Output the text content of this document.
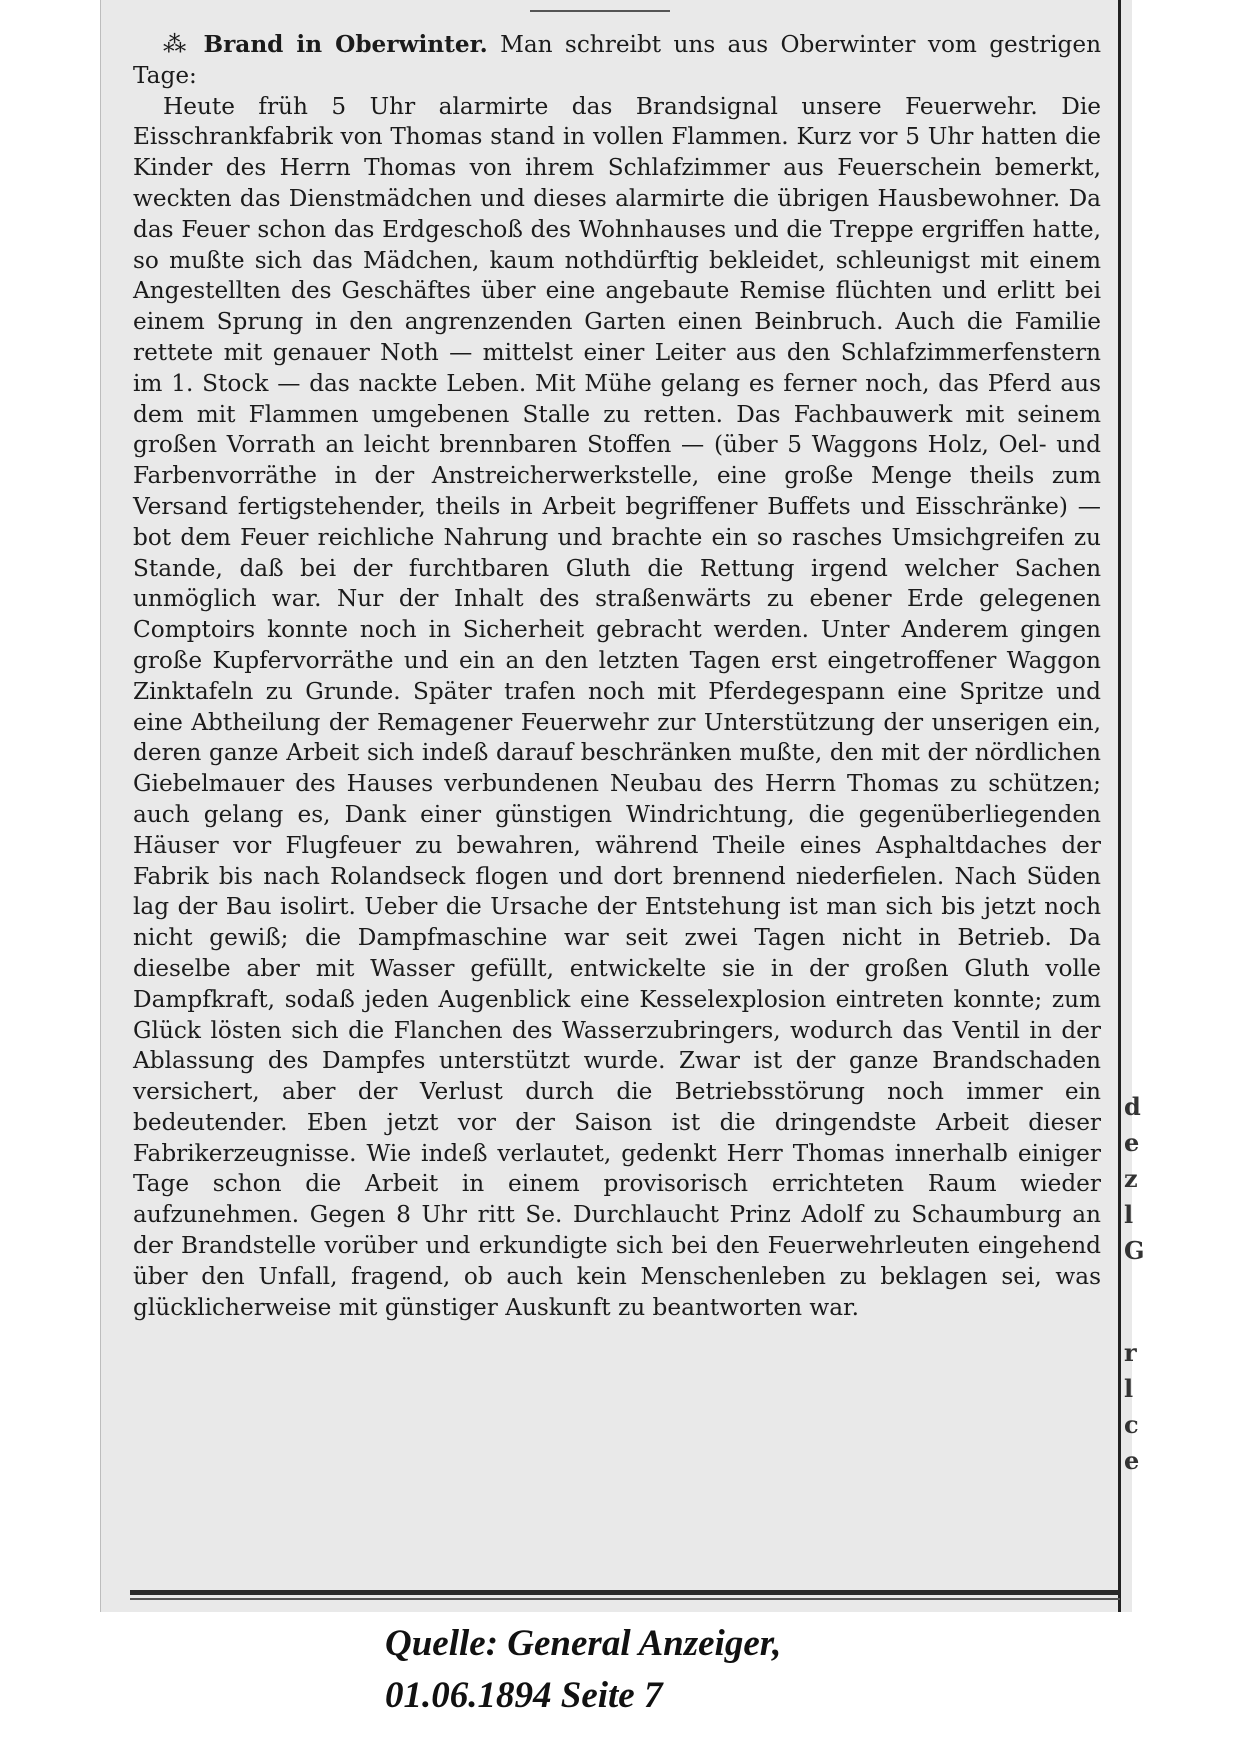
⁂ Brand in Oberwinter. Man schreibt uns aus Oberwinter vom gestrigen Tage:

Heute früh 5 Uhr alarmirte das Brandsignal unsere Feuerwehr. Die Eisschrankfabrik von Thomas stand in vollen Flammen. Kurz vor 5 Uhr hatten die Kinder des Herrn Thomas von ihrem Schlafzimmer aus Feuerschein bemerkt, weckten das Dienstmädchen und dieses alarmirte die übrigen Hausbewohner. Da das Feuer schon das Erdgeschoß des Wohnhauses und die Treppe ergriffen hatte, so mußte sich das Mädchen, kaum nothdürftig bekleidet, schleunigst mit einem Angestellten des Geschäftes über eine angebaute Remise flüchten und erlitt bei einem Sprung in den angrenzenden Garten einen Beinbruch. Auch die Familie rettete mit genauer Noth — mittelst einer Leiter aus den Schlafzimmerfenstern im 1. Stock — das nackte Leben. Mit Mühe gelang es ferner noch, das Pferd aus dem mit Flammen umgebenen Stalle zu retten. Das Fachbauwerk mit seinem großen Vorrath an leicht brennbaren Stoffen — (über 5 Waggons Holz, Oel- und Farbenvorräthe in der Anstreicherwerkstelle, eine große Menge theils zum Versand fertigstehender, theils in Arbeit begriffener Buffets und Eisschränke) — bot dem Feuer reichliche Nahrung und brachte ein so rasches Umsichgreifen zu Stande, daß bei der furchtbaren Gluth die Rettung irgend welcher Sachen unmöglich war. Nur der Inhalt des straßenwärts zu ebener Erde gelegenen Comptoirs konnte noch in Sicherheit gebracht werden. Unter Anderem gingen große Kupfervorräthe und ein an den letzten Tagen erst eingetroffener Waggon Zinktafeln zu Grunde. Später trafen noch mit Pferdegespann eine Spritze und eine Abtheilung der Remagener Feuerwehr zur Unterstützung der unserigen ein, deren ganze Arbeit sich indeß darauf beschränken mußte, den mit der nördlichen Giebelmauer des Hauses verbundenen Neubau des Herrn Thomas zu schützen; auch gelang es, Dank einer günstigen Windrichtung, die gegenüberliegenden Häuser vor Flugfeuer zu bewahren, während Theile eines Asphaltdaches der Fabrik bis nach Rolandseck flogen und dort brennend niederfielen. Nach Süden lag der Bau isolirt. Ueber die Ursache der Entstehung ist man sich bis jetzt noch nicht gewiß; die Dampfmaschine war seit zwei Tagen nicht in Betrieb. Da dieselbe aber mit Wasser gefüllt, entwickelte sie in der großen Gluth volle Dampfkraft, sodaß jeden Augenblick eine Kesselexplosion eintreten konnte; zum Glück lösten sich die Flanchen des Wasserzubringers, wodurch das Ventil in der Ablassung des Dampfes unterstützt wurde. Zwar ist der ganze Brandschaden versichert, aber der Verlust durch die Betriebsstörung noch immer ein bedeutender. Eben jetzt vor der Saison ist die dringendste Arbeit dieser Fabrikerzeugnisse. Wie indeß verlautet, gedenkt Herr Thomas innerhalb einiger Tage schon die Arbeit in einem provisorisch errichteten Raum wieder aufzunehmen. Gegen 8 Uhr ritt Se. Durchlaucht Prinz Adolf zu Schaumburg an der Brandstelle vorüber und erkundigte sich bei den Feuerwehrleuten eingehend über den Unfall, fragend, ob auch kein Menschenleben zu beklagen sei, was glücklicherweise mit günstiger Auskunft zu beantworten war.

d
e
z
l
G
r
l
c
e
Quelle: General Anzeiger,
01.06.1894 Seite 7
